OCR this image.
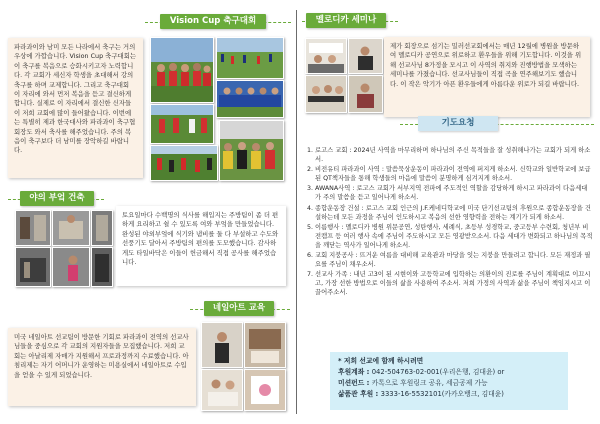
Vision Cup 축구대회
파라과이와 남미 모든 나라에서 축구는 거의 우상에 가깝습니다. Vision Cup 축구대회는 이 축구를 복음으로 승화시키고자 노력합니다. 각 교회가 세신자 학생을 초대해서 강의 축구를 하며 교제합니다. 그리고 축구대회 이 자리에 와서 먼저 복음을 듣고 결신하게 합니다. 실제로 이 자리에서 결신한 신자들이 저희 교회에 많이 들어왔습니다. 이번에는 특별히 제과 한국대사와 파라과이 축구협회장도 와서 축사를 해주었습니다. 주의 복음이 축구보다 더 남미를 장악하길 바랍니다.
야의 부엌 건축
토요일마다 수백명의 식사를 해입지는 주방팀이 좀 더 편하게 요리하고 쉴 수 있도록 여와 부엌을 만들었습니다. 완성된 야외부엌에 식기와 냄비를 둘 다 부설하고 수도와 선풍기도 달아서 주방팀의 편의를 도모했습니다. 감사하게도 타일바닥은 이들이 헌금해서 직접 공사를 해주었습니다.
네일아트 교육
미국 네일아트 선교팀이 방문한 기회로 파라과이 전역의 선교사님들을 중심으로 각 교회의 지원자들을 모집했습니다. 저희 교회는 아날리제 자매가 지원해서 프로과정까지 수료했습니다. 아침리제는 자기 어머니가 운영하는 미용실에서 네일아트로 수입을 얻을 수 있게 되었습니다.
멜로디카 세미나
제가 회장으로 섬기는 밀러선교회에서는 매년 12월에 병원을 방문하여 멜로디카 공연으로 위로하고 환우들을 위해 기도합니다. 이것을 위해 선교사님 8가정을 모시고 이 사역의 취지와 진행방법을 모색하는 세미나를 가졌습니다. 선교사님들이 직접 곡을 연주해보기도 했습니다. 이 작은 악기가 아픈 환우들에게 아름다운 위로가 되길 바랍니다.
기도요청
1. 로고스 교회 : 2024년 사역을 마무리하며 하나님의 주신 목적들을 잘 성취해나가는 교회가 되게 하소서.
2. 비전유티 파라과이 사역 : 말씀묵상운동이 파라과이 전역에 퍼지게 하소서. 신학교와 일반학교에 보급된 QT책자들을 통해 학생들의 마음에 말씀이 분명하게 심겨지게 하소서.
3. AWANA사역 : 로고스 교회가 서부지역 전파에 주도적인 역할을 감당하게 하시고 파라과이 다음세대가 주의 말씀을 듣고 일어나게 하소서.
4. 종합운동장 건설 : 로고스 교회 인근의 J.F.케네디학교에 미국 단기선교팀의 후원으로 종합운동장을 건설하는데 모든 과정을 주님이 인도하시고 복음의 선한 영향력을 전하는 계기가 되게 하소서.
5. 이름행사 : 멜로디카 병원 위문공연, 성탄행사, 세례식, 초등부 성경학교, 중고등부 수련회, 청년부 비전캠프 등 여러 행사 속에 주님이 주도하시고 모든 영광받으소서. 다음 세대가 변화되고 하나님의 목적을 깨닫는 역사가 일어나게 하소서.
6. 교회 지붕공사 : 뜨거운 여름을 대비해 교육관과 마당을 잇는 지붕을 만들려고 합니다. 모든 재정과 필요를 주님이 채우소서.
7. 선교사 가족 : 내년 고3이 된 시현이와 고등학교에 입학하는 의환이의 진로를 주님이 계획대로 이끄시고, 가장 선한 방법으로 이들의 삶을 사용하여 주소서. 저희 가정의 사역과 삶을 주님이 책임지시고 이끌어주소서.
* 저희 선교에 함께 하시려면
후원계좌 : 042-504763-02-001(우리은행, 김대윤) or
미션펀드 : 카톡으로 후원링크 공유, 세금공제 가능
삶품관 후원 : 3333-16-5532101(카카오뱅크, 김대윤)
